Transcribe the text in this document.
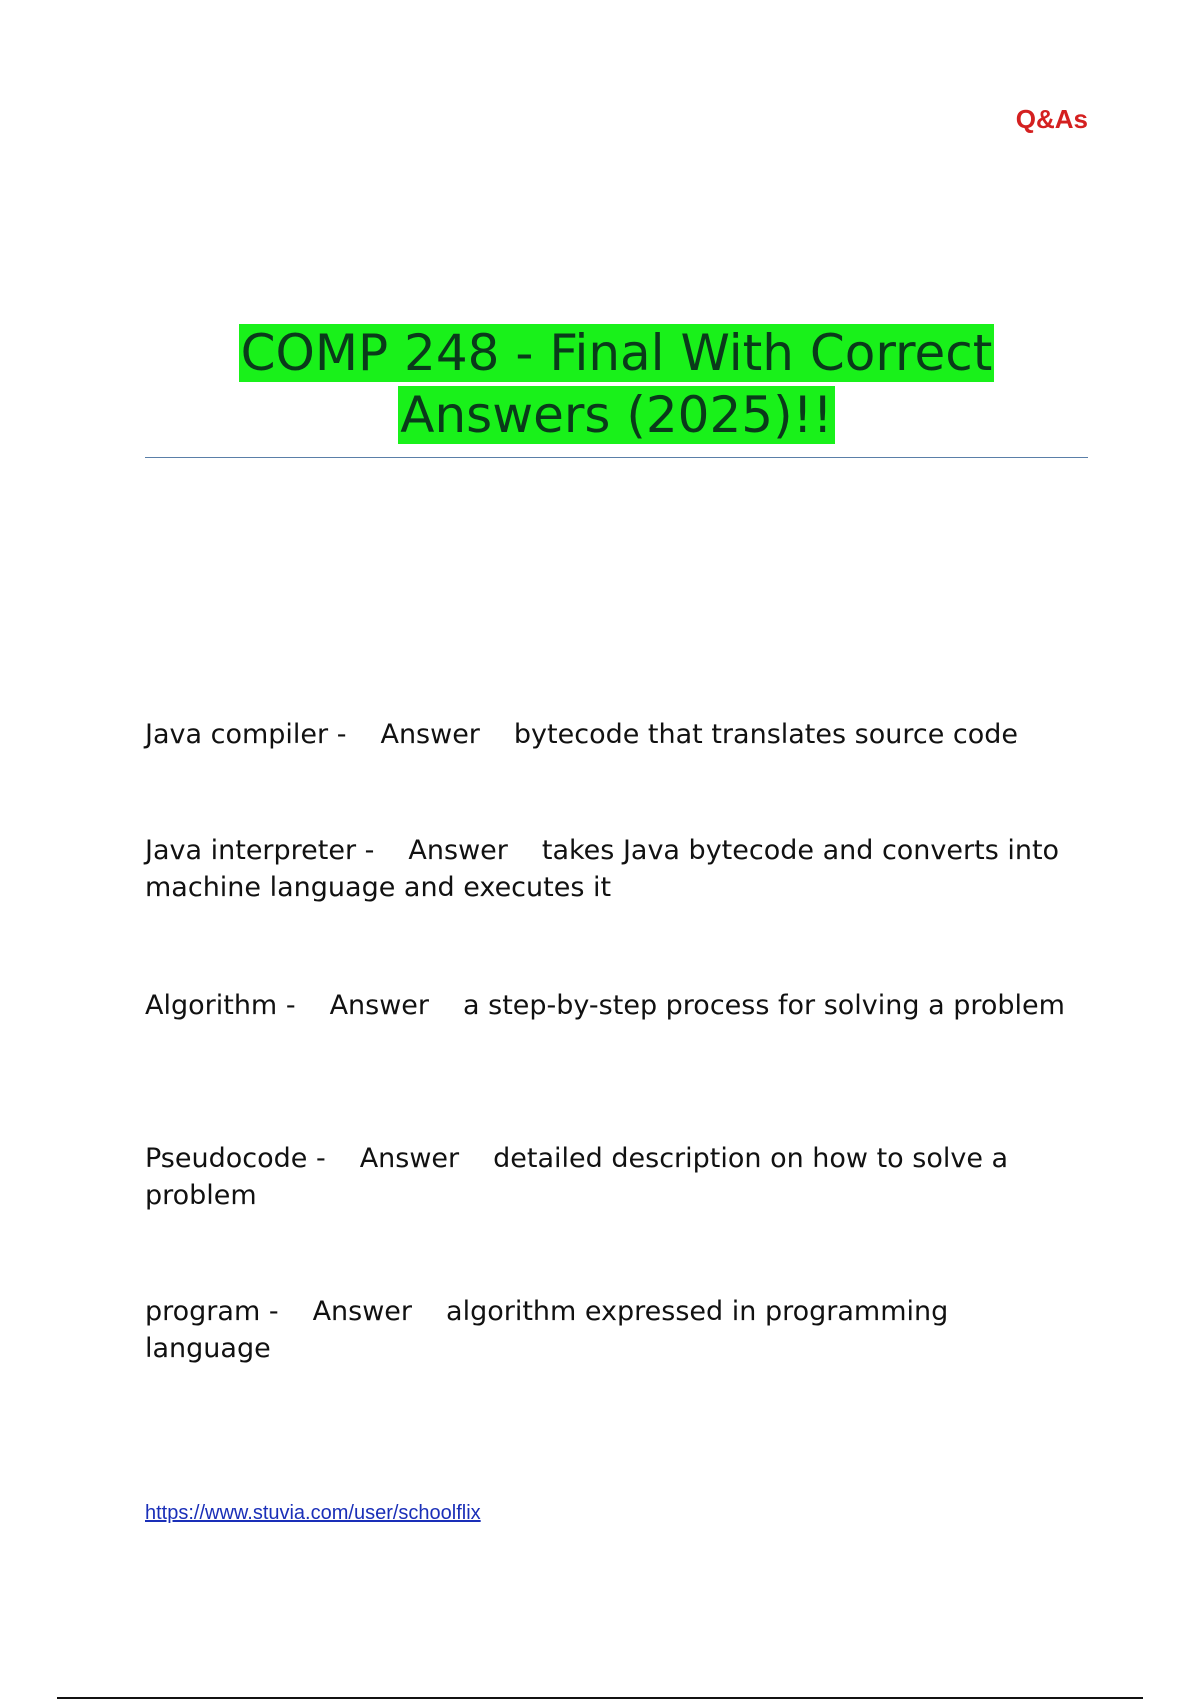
Q&As
COMP 248 - Final With Correct Answers (2025)!!
Java compiler - Answer bytecode that translates source code
Java interpreter - Answer takes Java bytecode and converts into machine language and executes it
Algorithm - Answer a step-by-step process for solving a problem
Pseudocode - Answer detailed description on how to solve a problem
program - Answer algorithm expressed in programming language
https://www.stuvia.com/user/schoolflix
